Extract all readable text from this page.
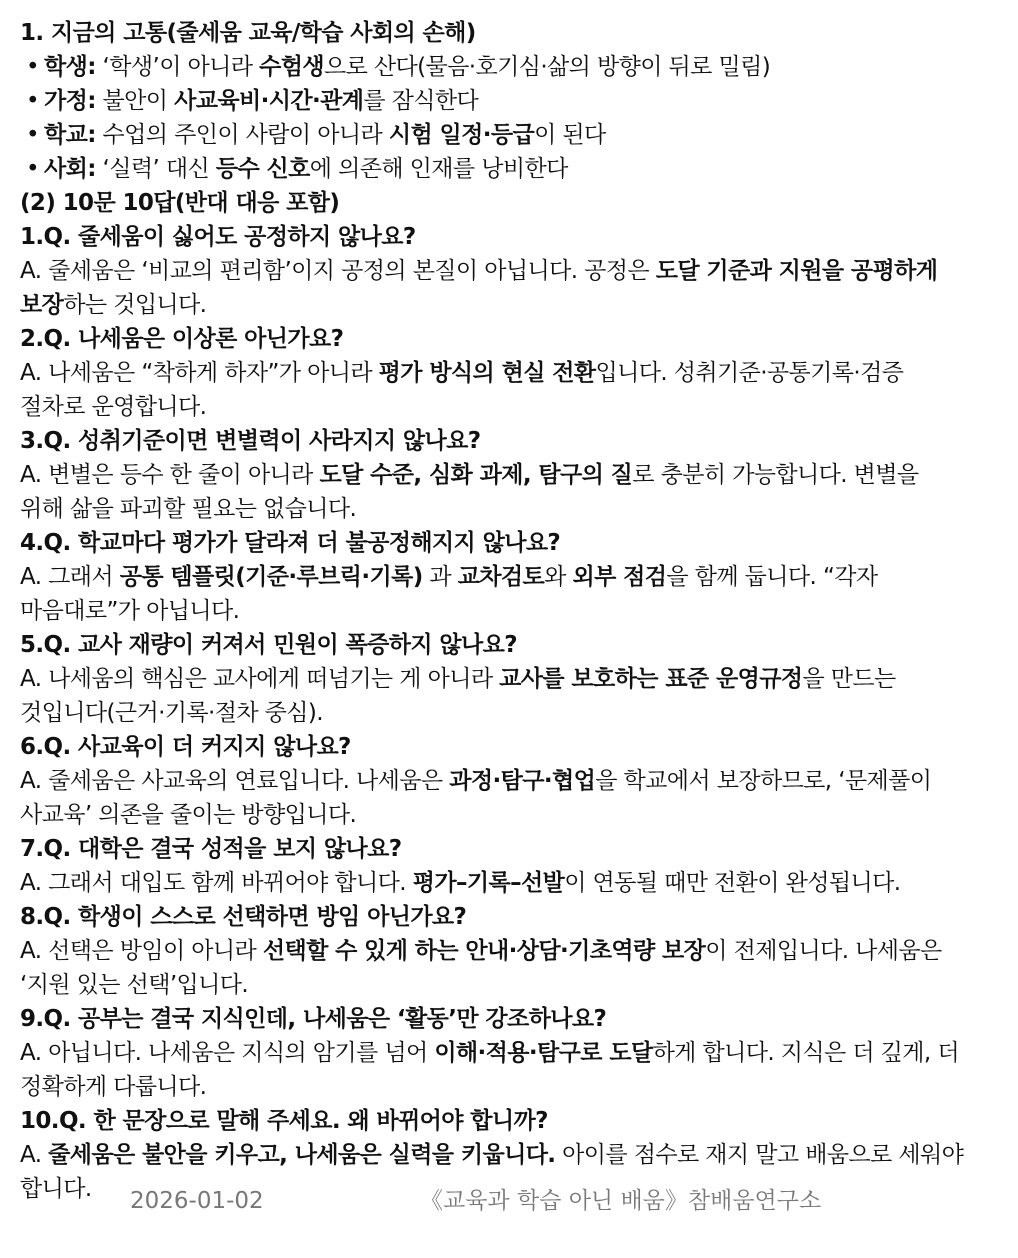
1. 지금의 고통(줄세움 교육/학습 사회의 손해)
• 학생: ‘학생’이 아니라 수험생으로 산다(물음·호기심·삶의 방향이 뒤로 밀림)
• 가정: 불안이 사교육비·시간·관계를 잠식한다
• 학교: 수업의 주인이 사람이 아니라 시험 일정·등급이 된다
• 사회: ‘실력’ 대신 등수 신호에 의존해 인재를 낭비한다
(2) 10문 10답(반대 대응 포함)
1.Q. 줄세움이 싫어도 공정하지 않나요?
A. 줄세움은 ‘비교의 편리함’이지 공정의 본질이 아닙니다. 공정은 도달 기준과 지원을 공평하게
보장하는 것입니다.
2.Q. 나세움은 이상론 아닌가요?
A. 나세움은 “착하게 하자”가 아니라 평가 방식의 현실 전환입니다. 성취기준·공통기록·검증
절차로 운영합니다.
3.Q. 성취기준이면 변별력이 사라지지 않나요?
A. 변별은 등수 한 줄이 아니라 도달 수준, 심화 과제, 탐구의 질로 충분히 가능합니다. 변별을
위해 삶을 파괴할 필요는 없습니다.
4.Q. 학교마다 평가가 달라져 더 불공정해지지 않나요?
A. 그래서 공통 템플릿(기준·루브릭·기록) 과 교차검토와 외부 점검을 함께 둡니다. “각자
마음대로”가 아닙니다.
5.Q. 교사 재량이 커져서 민원이 폭증하지 않나요?
A. 나세움의 핵심은 교사에게 떠넘기는 게 아니라 교사를 보호하는 표준 운영규정을 만드는
것입니다(근거·기록·절차 중심).
6.Q. 사교육이 더 커지지 않나요?
A. 줄세움은 사교육의 연료입니다. 나세움은 과정·탐구·협업을 학교에서 보장하므로, ‘문제풀이
사교육’ 의존을 줄이는 방향입니다.
7.Q. 대학은 결국 성적을 보지 않나요?
A. 그래서 대입도 함께 바뀌어야 합니다. 평가–기록–선발이 연동될 때만 전환이 완성됩니다.
8.Q. 학생이 스스로 선택하면 방임 아닌가요?
A. 선택은 방임이 아니라 선택할 수 있게 하는 안내·상담·기초역량 보장이 전제입니다. 나세움은
‘지원 있는 선택’입니다.
9.Q. 공부는 결국 지식인데, 나세움은 ‘활동’만 강조하나요?
A. 아닙니다. 나세움은 지식의 암기를 넘어 이해·적용·탐구로 도달하게 합니다. 지식은 더 깊게, 더
정확하게 다룹니다.
10.Q. 한 문장으로 말해 주세요. 왜 바뀌어야 합니까?
A. 줄세움은 불안을 키우고, 나세움은 실력을 키웁니다. 아이를 점수로 재지 말고 배움으로 세워야
합니다.	2026-01-02	《교육과 학습 아닌 배움》참배움연구소
